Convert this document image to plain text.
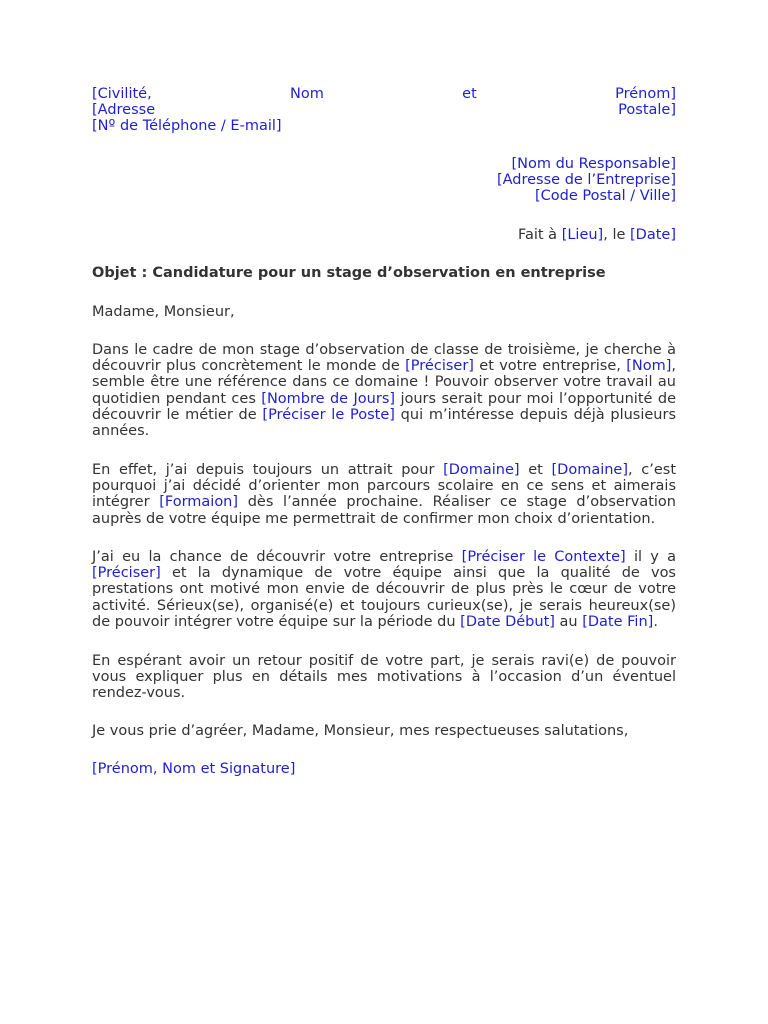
[Civilité, Nom et Prénom]
[Adresse Postale]
[Nº de Téléphone / E-mail]
[Nom du Responsable]
[Adresse de l’Entreprise]
[Code Postal / Ville]
Fait à [Lieu], le [Date]
Objet : Candidature pour un stage d’observation en entreprise
Madame, Monsieur,
Dans le cadre de mon stage d’observation de classe de troisième, je cherche à découvrir plus concrètement le monde de [Préciser] et votre entreprise, [Nom], semble être une référence dans ce domaine ! Pouvoir observer votre travail au quotidien pendant ces [Nombre de Jours] jours serait pour moi l’opportunité de découvrir le métier de [Préciser le Poste] qui m’intéresse depuis déjà plusieurs années.
En effet, j’ai depuis toujours un attrait pour [Domaine] et [Domaine], c’est pourquoi j’ai décidé d’orienter mon parcours scolaire en ce sens et aimerais intégrer [Formaion] dès l’année prochaine. Réaliser ce stage d’observation auprès de votre équipe me permettrait de confirmer mon choix d’orientation.
J’ai eu la chance de découvrir votre entreprise [Préciser le Contexte] il y a [Préciser] et la dynamique de votre équipe ainsi que la qualité de vos prestations ont motivé mon envie de découvrir de plus près le cœur de votre activité. Sérieux(se), organisé(e) et toujours curieux(se), je serais heureux(se) de pouvoir intégrer votre équipe sur la période du [Date Début] au [Date Fin].
En espérant avoir un retour positif de votre part, je serais ravi(e) de pouvoir vous expliquer plus en détails mes motivations à l’occasion d’un éventuel rendez-vous.
Je vous prie d’agréer, Madame, Monsieur, mes respectueuses salutations,
[Prénom, Nom et Signature]
